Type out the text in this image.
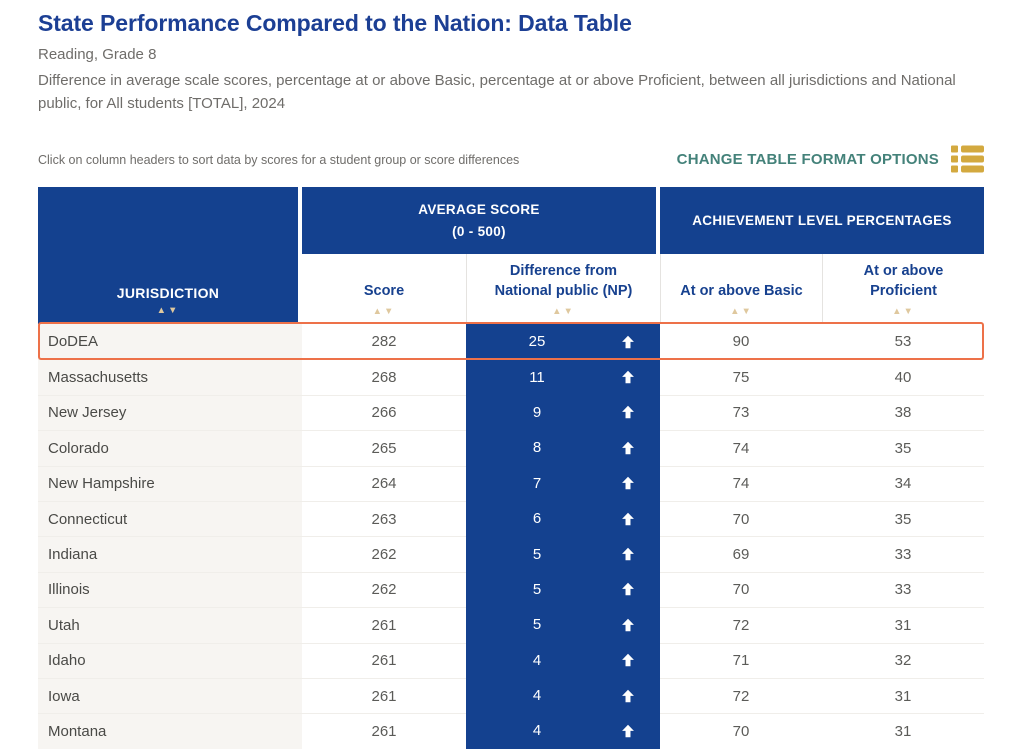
State Performance Compared to the Nation: Data Table
Reading, Grade 8

Difference in average scale scores, percentage at or above Basic, percentage at or above Proficient, between all jurisdictions and National public, for All students [TOTAL], 2024

Click on column headers to sort data by scores for a student group or score differences	CHANGE TABLE FORMAT OPTIONS
JURISDICTION
▲▼
AVERAGE SCORE
(0 - 500)
ACHIEVEMENT LEVEL PERCENTAGES
Score
▲▼
Difference from National public (NP)
▲▼
At or above Basic
▲▼
At or above Proficient
▲▼
DoDEA	282	25	90	53
Massachusetts	268	11	75	40
New Jersey	266	9	73	38
Colorado	265	8	74	35
New Hampshire	264	7	74	34
Connecticut	263	6	70	35
Indiana	262	5	69	33
Illinois	262	5	70	33
Utah	261	5	72	31
Idaho	261	4	71	32
Iowa	261	4	72	31
Montana	261	4	70	31
